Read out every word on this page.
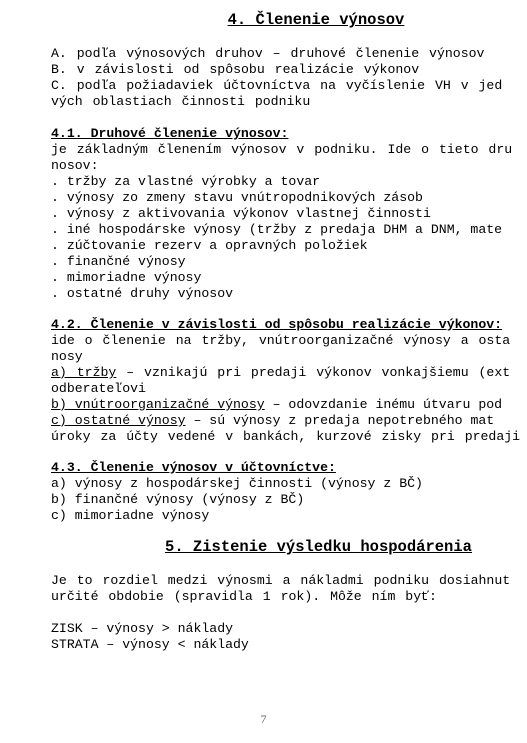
4. Členenie výnosov
A. podľa výnosových druhov – druhové členenie výnosov
B. v závislosti od spôsobu realizácie výkonov
C. podľa požiadaviek účtovníctva na vyčíslenie VH v jed
vých oblastiach činnosti podniku
4.1. Druhové členenie výnosov:
je základným členením výnosov v podniku. Ide o tieto dru
nosov:
. tržby za vlastné výrobky a tovar
. výnosy zo zmeny stavu vnútropodnikových zásob
. výnosy z aktivovania výkonov vlastnej činnosti
. iné hospodárske výnosy (tržby z predaja DHM a DNM, mate
. zúčtovanie rezerv a opravných položiek
. finančné výnosy
. mimoriadne výnosy
. ostatné druhy výnosov
4.2. Členenie v závislosti od spôsobu realizácie výkonov:
ide o členenie na tržby, vnútroorganizačné výnosy a osta
nosy
a) tržby – vznikajú pri predaji výkonov vonkajšiemu (ext
odberateľovi
b) vnútroorganizačné výnosy – odovzdanie inému útvaru pod
c) ostatné výnosy – sú výnosy z predaja nepotrebného mat
úroky za účty vedené v bankách, kurzové zisky pri predaji
4.3. Členenie výnosov v účtovníctve:
a) výnosy z hospodárskej činnosti (výnosy z BČ)
b) finančné výnosy (výnosy z BČ)
c) mimoriadne výnosy
5. Zistenie výsledku hospodárenia
Je to rozdiel medzi výnosmi a nákladmi podniku dosiahnut
určité obdobie (spravidla 1 rok). Môže ním byť:
ZISK – výnosy > náklady
STRATA – výnosy < náklady
7
